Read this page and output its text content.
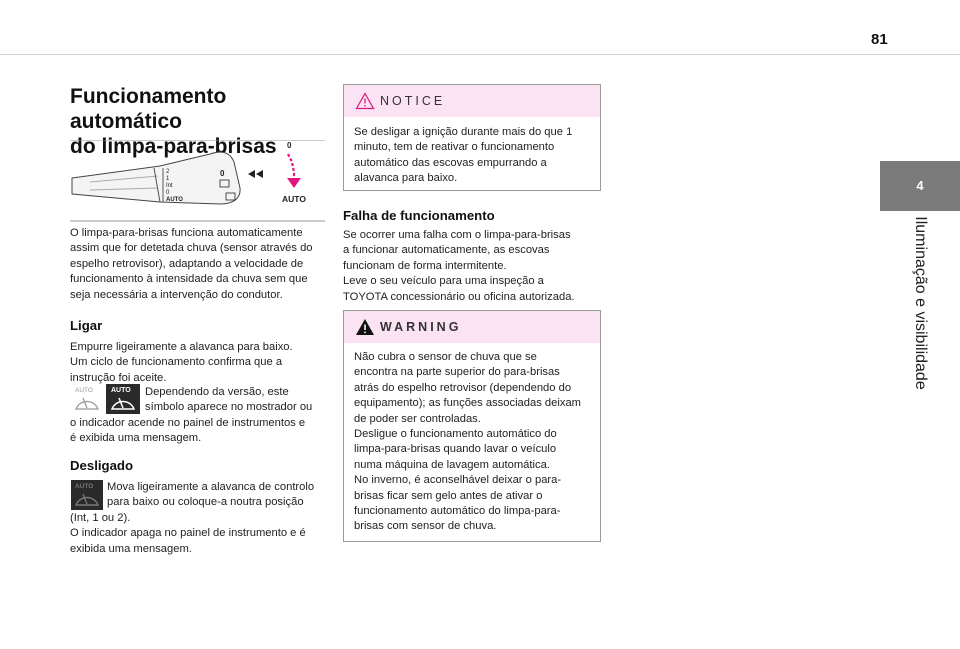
81
4
Iluminação e visibilidade
Funcionamento automático
do limpa-para-brisas
2
1
Int
0
AUTO
0
0
AUTO

O limpa-para-brisas funciona automaticamente

assim que for detetada chuva (sensor através do

espelho retrovisor), adaptando a velocidade de

funcionamento à intensidade da chuva sem que

seja necessária a intervenção do condutor.

Ligar

Empurre ligeiramente a alavanca para baixo.

Um ciclo de funcionamento confirma que a

instrução foi aceite.

AUTO	AUTO Dependendo da versão, este

símbolo aparece no mostrador ou

o indicador acende no painel de instrumentos e

é exibida uma mensagem.

Desligado
AUTO Mova ligeiramente a alavanca de controlo

para baixo ou coloque-a noutra posição

(Int, 1 ou 2).

O indicador apaga no painel de instrumento e é

exibida uma mensagem.

NOTICE

Se desligar a ignição durante mais do que 1

minuto, tem de reativar o funcionamento

automático das escovas empurrando a

alavanca para baixo.

Falha de funcionamento

Se ocorrer uma falha com o limpa-para-brisas

a funcionar automaticamente, as escovas

funcionam de forma intermitente.

Leve o seu veículo para uma inspeção a

TOYOTA concessionário ou oficina autorizada.

WARNING

Não cubra o sensor de chuva que se

encontra na parte superior do para-brisas

atrás do espelho retrovisor (dependendo do

equipamento); as funções associadas deixam

de poder ser controladas.

Desligue o funcionamento automático do

limpa-para-brisas quando lavar o veículo

numa máquina de lavagem automática.

No inverno, é aconselhável deixar o para-

brisas ficar sem gelo antes de ativar o

funcionamento automático do limpa-para-

brisas com sensor de chuva.
